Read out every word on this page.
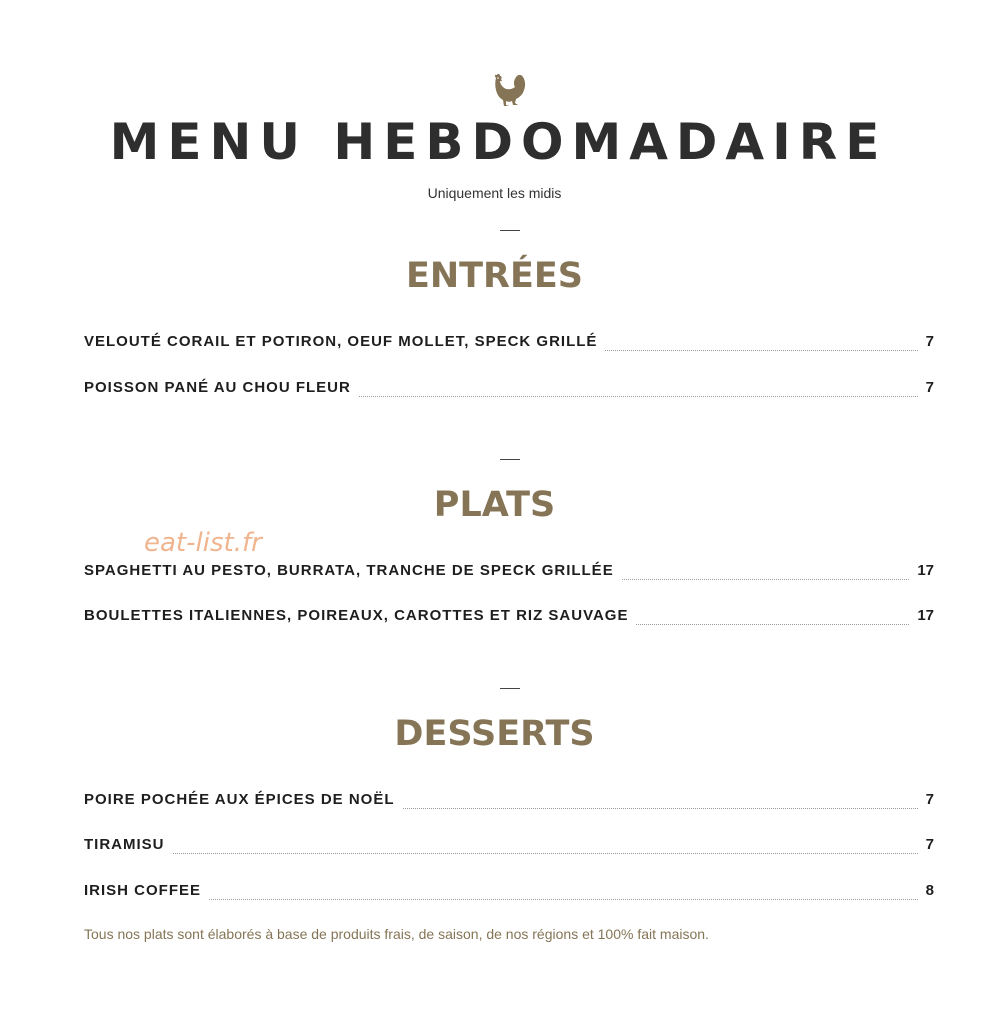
MENU HEBDOMADAIRE
Uniquement les midis
ENTRÉES
VELOUTÉ CORAIL ET POTIRON, OEUF MOLLET, SPECK GRILLÉ	7
POISSON PANÉ AU CHOU FLEUR	7
PLATS
eat-list.fr
SPAGHETTI AU PESTO, BURRATA, TRANCHE DE SPECK GRILLÉE	17
BOULETTES ITALIENNES, POIREAUX, CAROTTES ET RIZ SAUVAGE	17
DESSERTS
POIRE POCHÉE AUX ÉPICES DE NOËL	7
TIRAMISU	7
IRISH COFFEE	8
Tous nos plats sont élaborés à base de produits frais, de saison, de nos régions et 100% fait maison.
